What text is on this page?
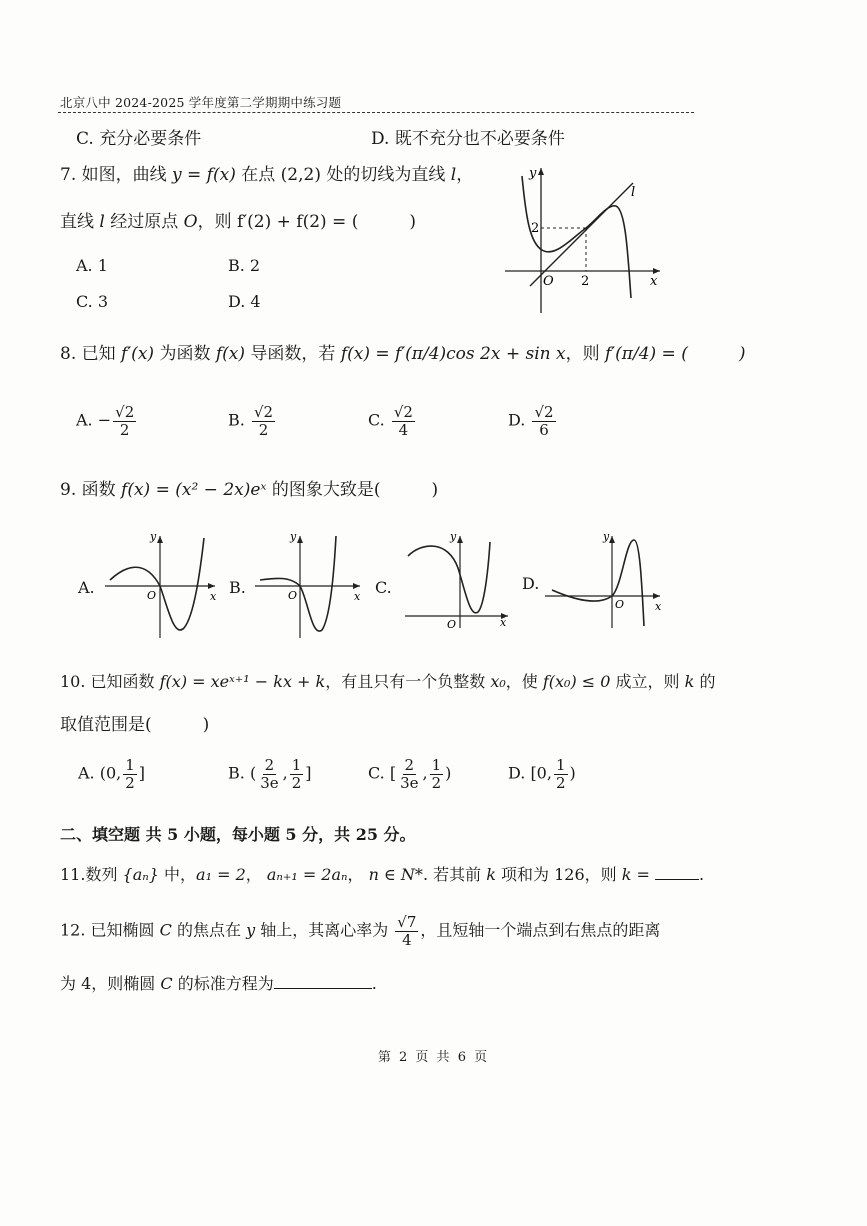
北京八中 2024-2025 学年度第二学期期中练习题
C. 充分必要条件	D. 既不充分也不必要条件
7. 如图，曲线 y = f(x) 在点 (2,2) 处的切线为直线 l，
直线 l 经过原点 O，则 f′(2) + f(2) = (　　　)
A. 1	B. 2
C. 3	D. 4
y
x
O 2
2
l
8. 已知 f′(x) 为函数 f(x) 导函数，若 f(x) = f′(π/4)cos 2x + sin x，则 f′(π/4) = (　　　)
A. − $\frac{√2}{2}$	B. $\frac{√2}{2}$	C. $\frac{√2}{4}$	D. $\frac{√2}{6}$
9. 函数 f(x) = (x² − 2x)eˣ 的图象大致是(　　　)
A.
y
x
O	B.
y
x
O	C.
y
x
O
D.
y
x
O
10. 已知函数 f(x) = xeˣ⁺¹ − kx + k，有且只有一个负整数 x₀，使 f(x₀) ≤ 0 成立，则 k 的
取值范围是(　　　)
A. (0, $\frac{1}{2}$ ]	B. ( $\frac{2}{3e}$ , $\frac{1}{2}$ ]	C. [ $\frac{2}{3e}$ , $\frac{1}{2}$ )	D. [0, $\frac{1}{2}$ )
二、填空题 共 5 小题，每小题 5 分，共 25 分。
11.数列 {aₙ} 中，a₁ = 2， aₙ₊₁ = 2aₙ， n ∈ N*. 若其前 k 项和为 126，则 k =	.
12. 已知椭圆 C 的焦点在 y 轴上，其离心率为 $\frac{√7}{4}$ ，且短轴一个端点到右焦点的距离
为 4，则椭圆 C 的标准方程为	.
第 2 页 共 6 页
